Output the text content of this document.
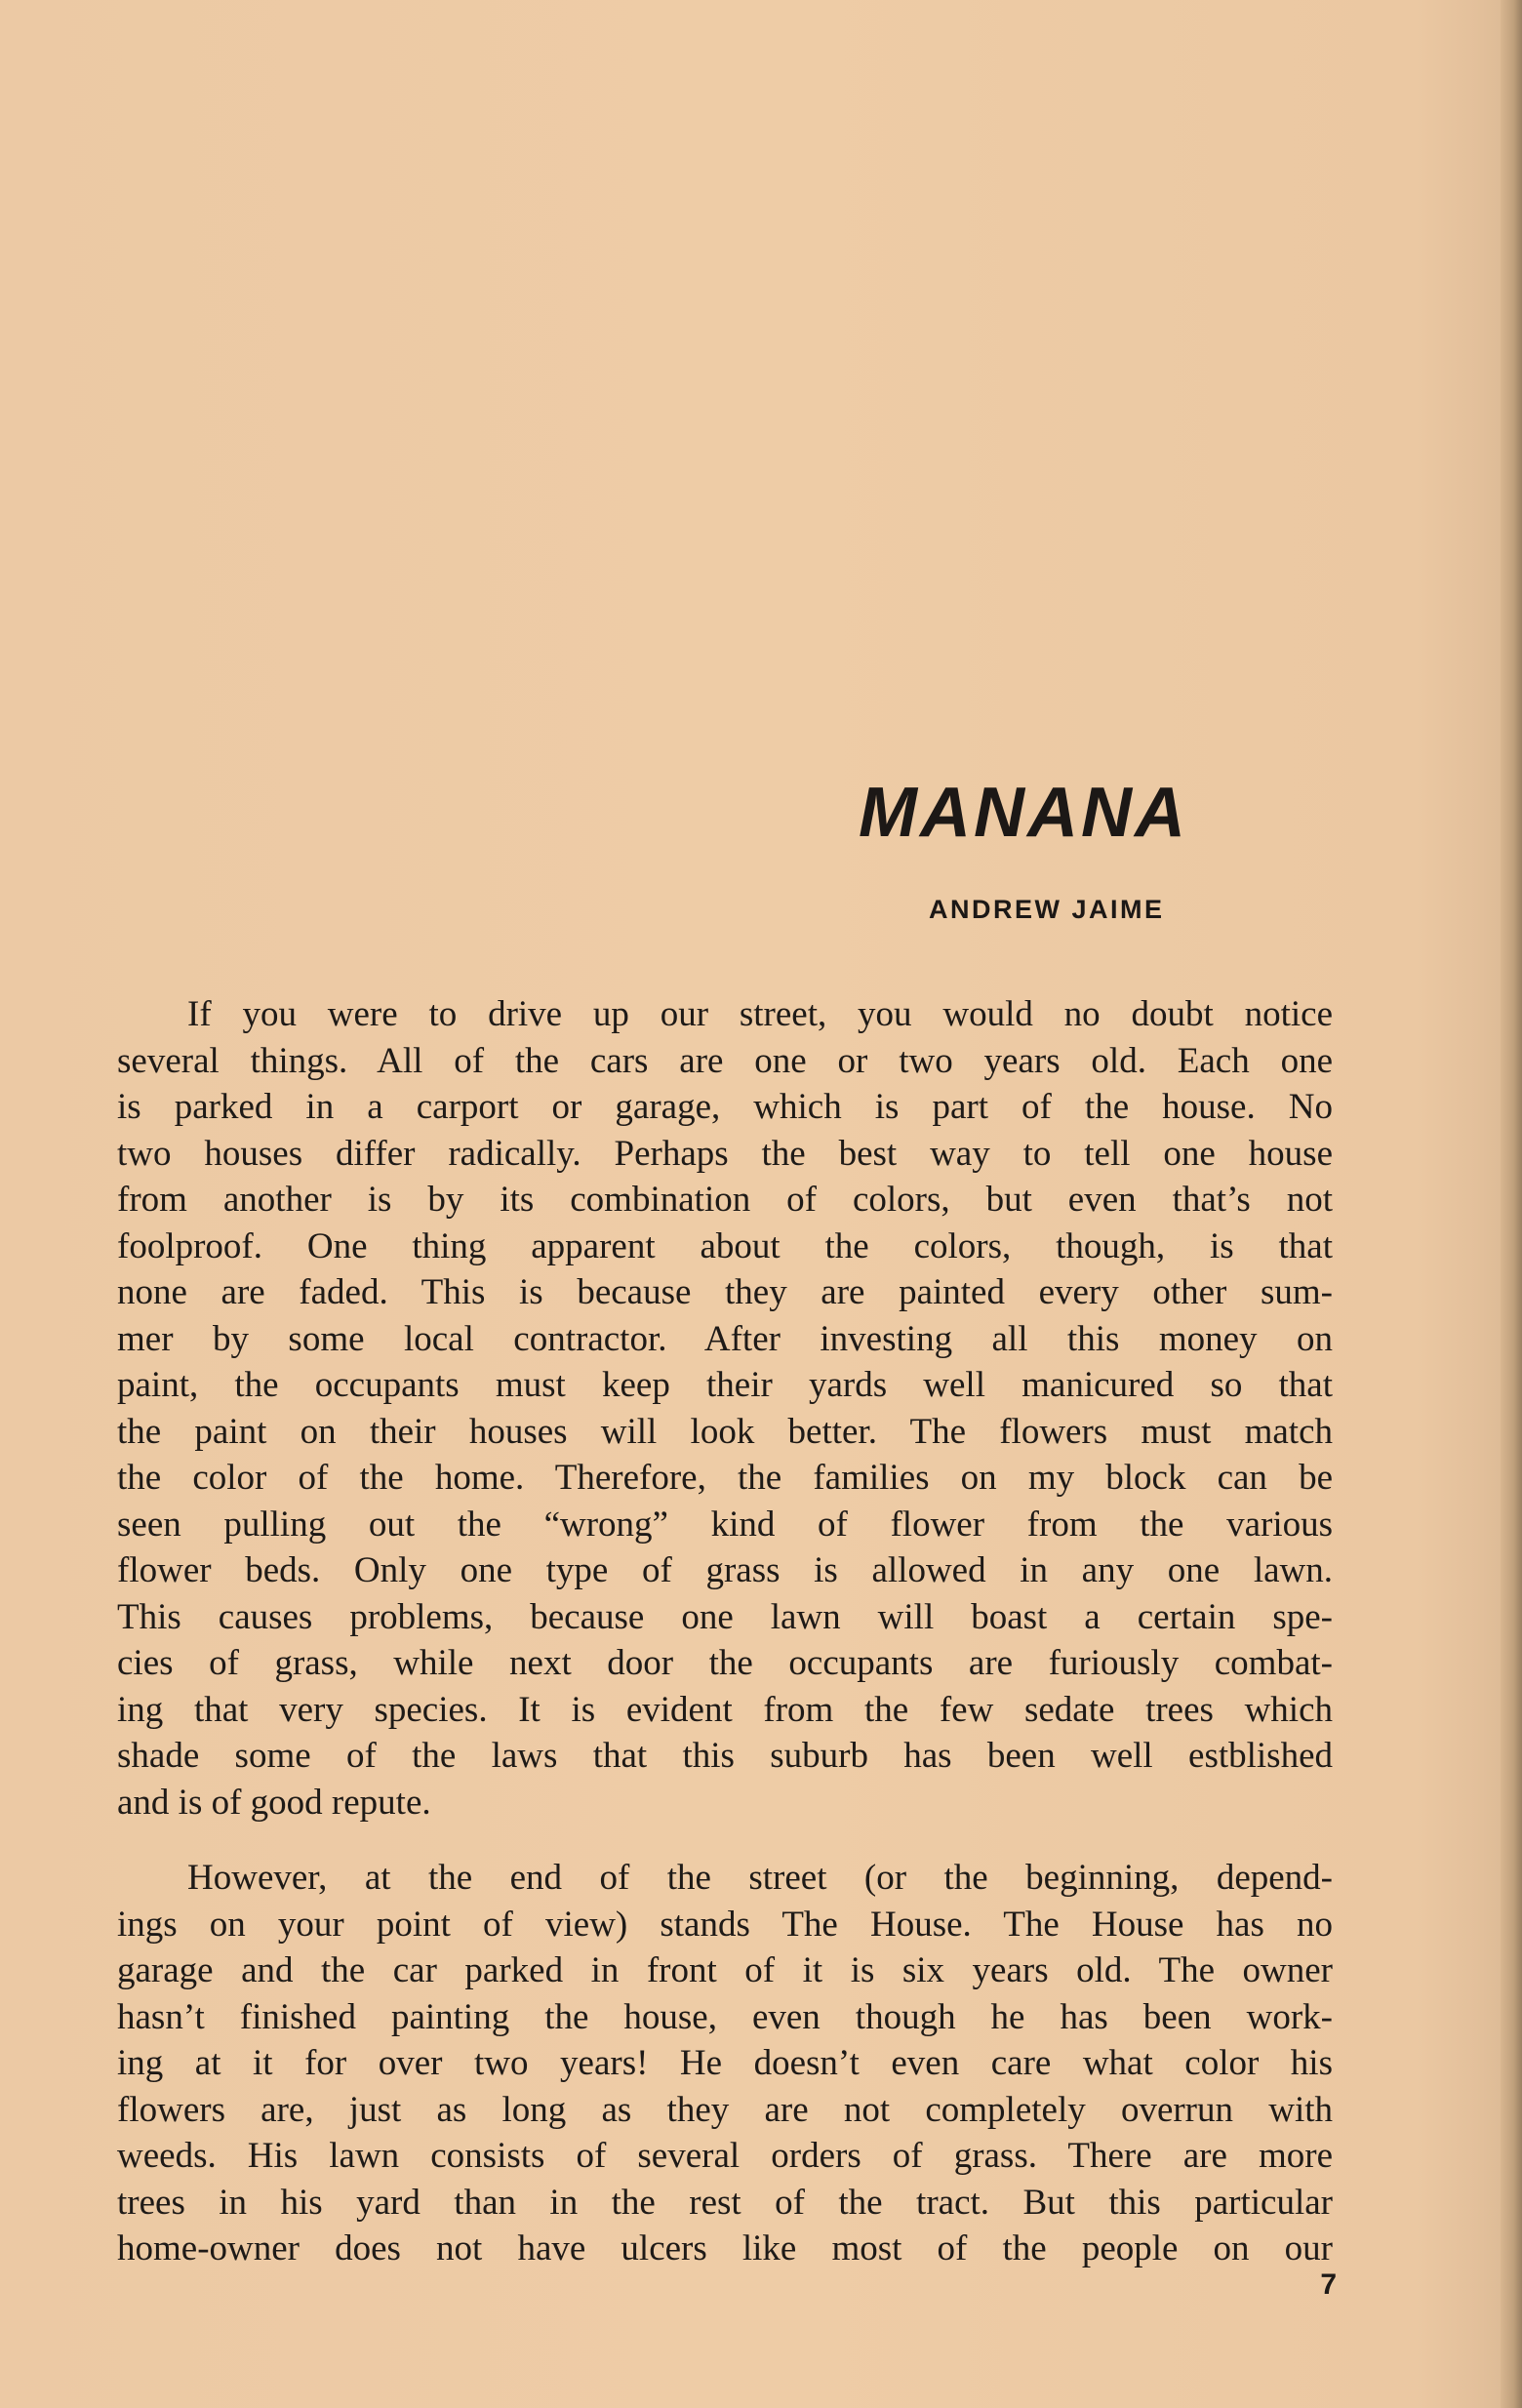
MANANA

ANDREW JAIME

If you were to drive up our street, you would no doubt notice
several things. All of the cars are one or two years old. Each one
is parked in a carport or garage, which is part of the house. No
two houses differ radically. Perhaps the best way to tell one house
from another is by its combination of colors, but even that’s not
foolproof. One thing apparent about the colors, though, is that
none are faded. This is because they are painted every other sum-
mer by some local contractor. After investing all this money on
paint, the occupants must keep their yards well manicured so that
the paint on their houses will look better. The flowers must match
the color of the home. Therefore, the families on my block can be
seen pulling out the “wrong” kind of flower from the various
flower beds. Only one type of grass is allowed in any one lawn.
This causes problems, because one lawn will boast a certain spe-
cies of grass, while next door the occupants are furiously combat-
ing that very species. It is evident from the few sedate trees which
shade some of the laws that this suburb has been well estblished
and is of good repute.

However, at the end of the street (or the beginning, depend-
ings on your point of view) stands The House. The House has no
garage and the car parked in front of it is six years old. The owner
hasn’t finished painting the house, even though he has been work-
ing at it for over two years! He doesn’t even care what color his
flowers are, just as long as they are not completely overrun with
weeds. His lawn consists of several orders of grass. There are more
trees in his yard than in the rest of the tract. But this particular
home-owner does not have ulcers like most of the people on our

7
